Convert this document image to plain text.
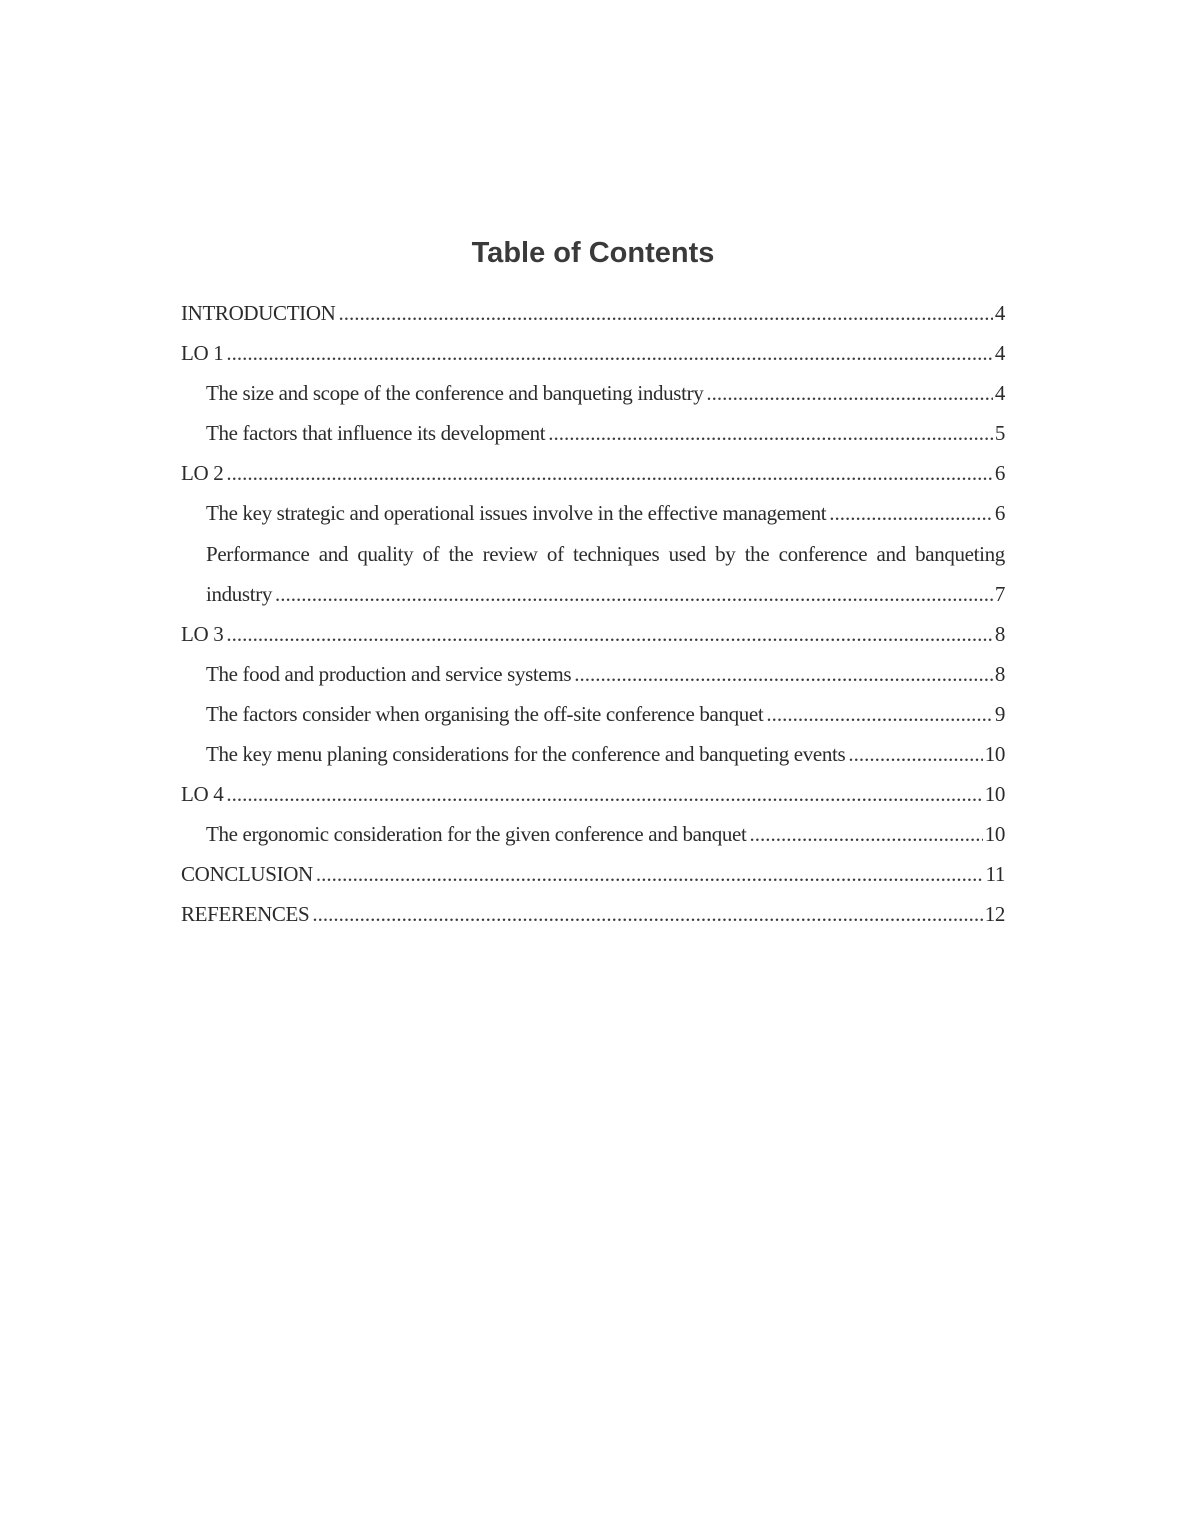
Table of Contents
INTRODUCTION .....	4
LO 1 .....	4
The size and scope of the conference and banqueting industry .....	4
The factors that influence its development .....	5
LO 2 .....	6
The key strategic and operational issues involve in the effective management .....	6
Performance and quality of the review of techniques used by the conference and banqueting
industry .....	7
LO 3 .....	8
The food and production and service systems .....	8
The factors consider when organising the off-site conference banquet .....	9
The key menu planing considerations for the conference and banqueting events .....	10
LO 4 .....	10
The ergonomic consideration for the given conference and banquet .....	10
CONCLUSION .....	11
REFERENCES .....	12
